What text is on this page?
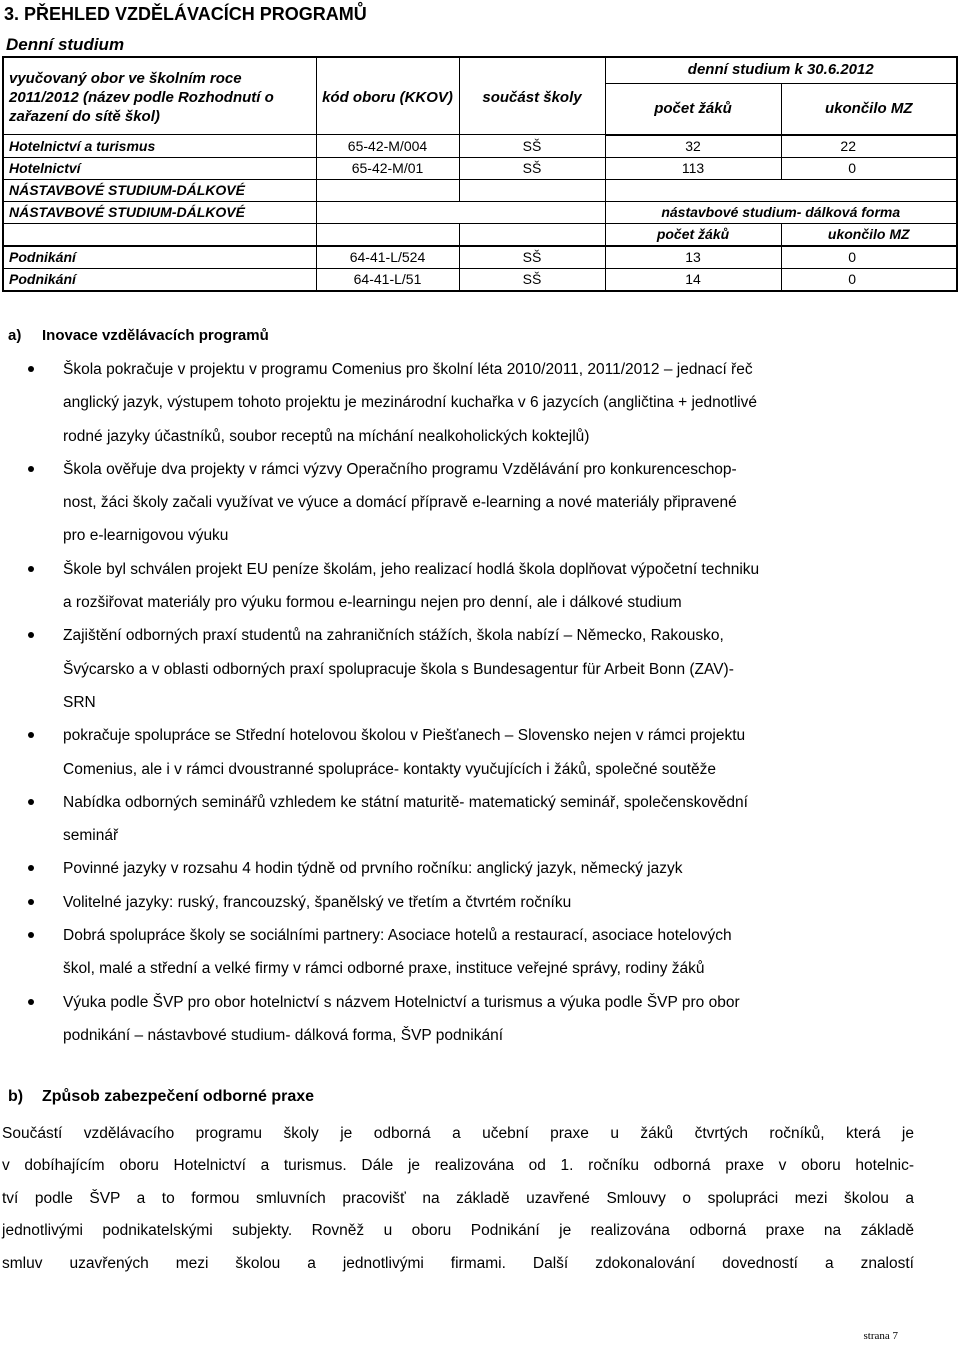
3. PŘEHLED VZDĚLÁVACÍCH PROGRAMŮ
Denní studium
vyučovaný obor ve školním roce 2011/2012 (název podle Rozhodnutí o zařazení do sítě škol)	kód oboru (KKOV)	součást školy	denní studium k 30.6.2012	
			počet žáků	ukončilo MZ
Hotelnictví a turismus	65-42-M/004	SŠ	32	22
Hotelnictví	65-42-M/01	SŠ	113	0
NÁSTAVBOVÉ STUDIUM-DÁLKOVÉ				
NÁSTAVBOVÉ STUDIUM-DÁLKOVÉ			nástavbové studium- dálková forma	
			počet žáků	ukončilo MZ
Podnikání	64-41-L/524	SŠ	13	0
Podnikání	64-41-L/51	SŠ	14	0
a) Inovace vzdělávacích programů
Škola pokračuje v projektu v programu Comenius pro školní léta 2010/2011, 2011/2012 – jednací řeč
anglický jazyk, výstupem tohoto projektu je mezinárodní kuchařka v 6 jazycích (angličtina + jednotlivé
rodné jazyky účastníků, soubor receptů na míchání nealkoholických koktejlů)
Škola ověřuje dva projekty v rámci výzvy Operačního programu Vzdělávání pro konkurenceschop-
nost, žáci školy začali využívat ve výuce a domácí přípravě e-learning a nové materiály připravené
pro e-learnigovou výuku
Škole byl schválen projekt EU peníze školám, jeho realizací hodlá škola doplňovat výpočetní techniku
a rozšiřovat materiály pro výuku formou e-learningu nejen pro denní, ale i dálkové studium
Zajištění odborných praxí studentů na zahraničních stážích, škola nabízí – Německo, Rakousko,
Švýcarsko a v oblasti odborných praxí spolupracuje škola s Bundesagentur für Arbeit Bonn (ZAV)-
SRN
pokračuje spolupráce se Střední hotelovou školou v Piešťanech – Slovensko nejen v rámci projektu
Comenius, ale i v rámci dvoustranné spolupráce- kontakty vyučujících i žáků, společné soutěže
Nabídka odborných seminářů vzhledem ke státní maturitě- matematický seminář, společenskovědní
seminář
Povinné jazyky v rozsahu 4 hodin týdně od prvního ročníku: anglický jazyk, německý jazyk
Volitelné jazyky: ruský, francouzský, španělský ve třetím a čtvrtém ročníku
Dobrá spolupráce školy se sociálními partnery: Asociace hotelů a restaurací, asociace hotelových
škol, malé a střední a velké firmy v rámci odborné praxe, instituce veřejné správy, rodiny žáků
Výuka podle ŠVP pro obor hotelnictví s názvem Hotelnictví a turismus a výuka podle ŠVP pro obor
podnikání – nástavbové studium- dálková forma, ŠVP podnikání
b) Způsob zabezpečení odborné praxe

Součástí vzdělávacího programu školy je odborná a učební praxe u žáků čtvrtých ročníků, která je
v dobíhajícím oboru Hotelnictví a turismus. Dále je realizována od 1. ročníku odborná praxe v oboru hotelnic-
tví podle ŠVP a to formou smluvních pracovišť na základě uzavřené Smlouvy o spolupráci mezi školou a
jednotlivými podnikatelskými subjekty. Rovněž u oboru Podnikání je realizována odborná praxe na základě
smluv uzavřených mezi školou a jednotlivými firmami. Další zdokonalování dovedností a znalostí

strana 7
